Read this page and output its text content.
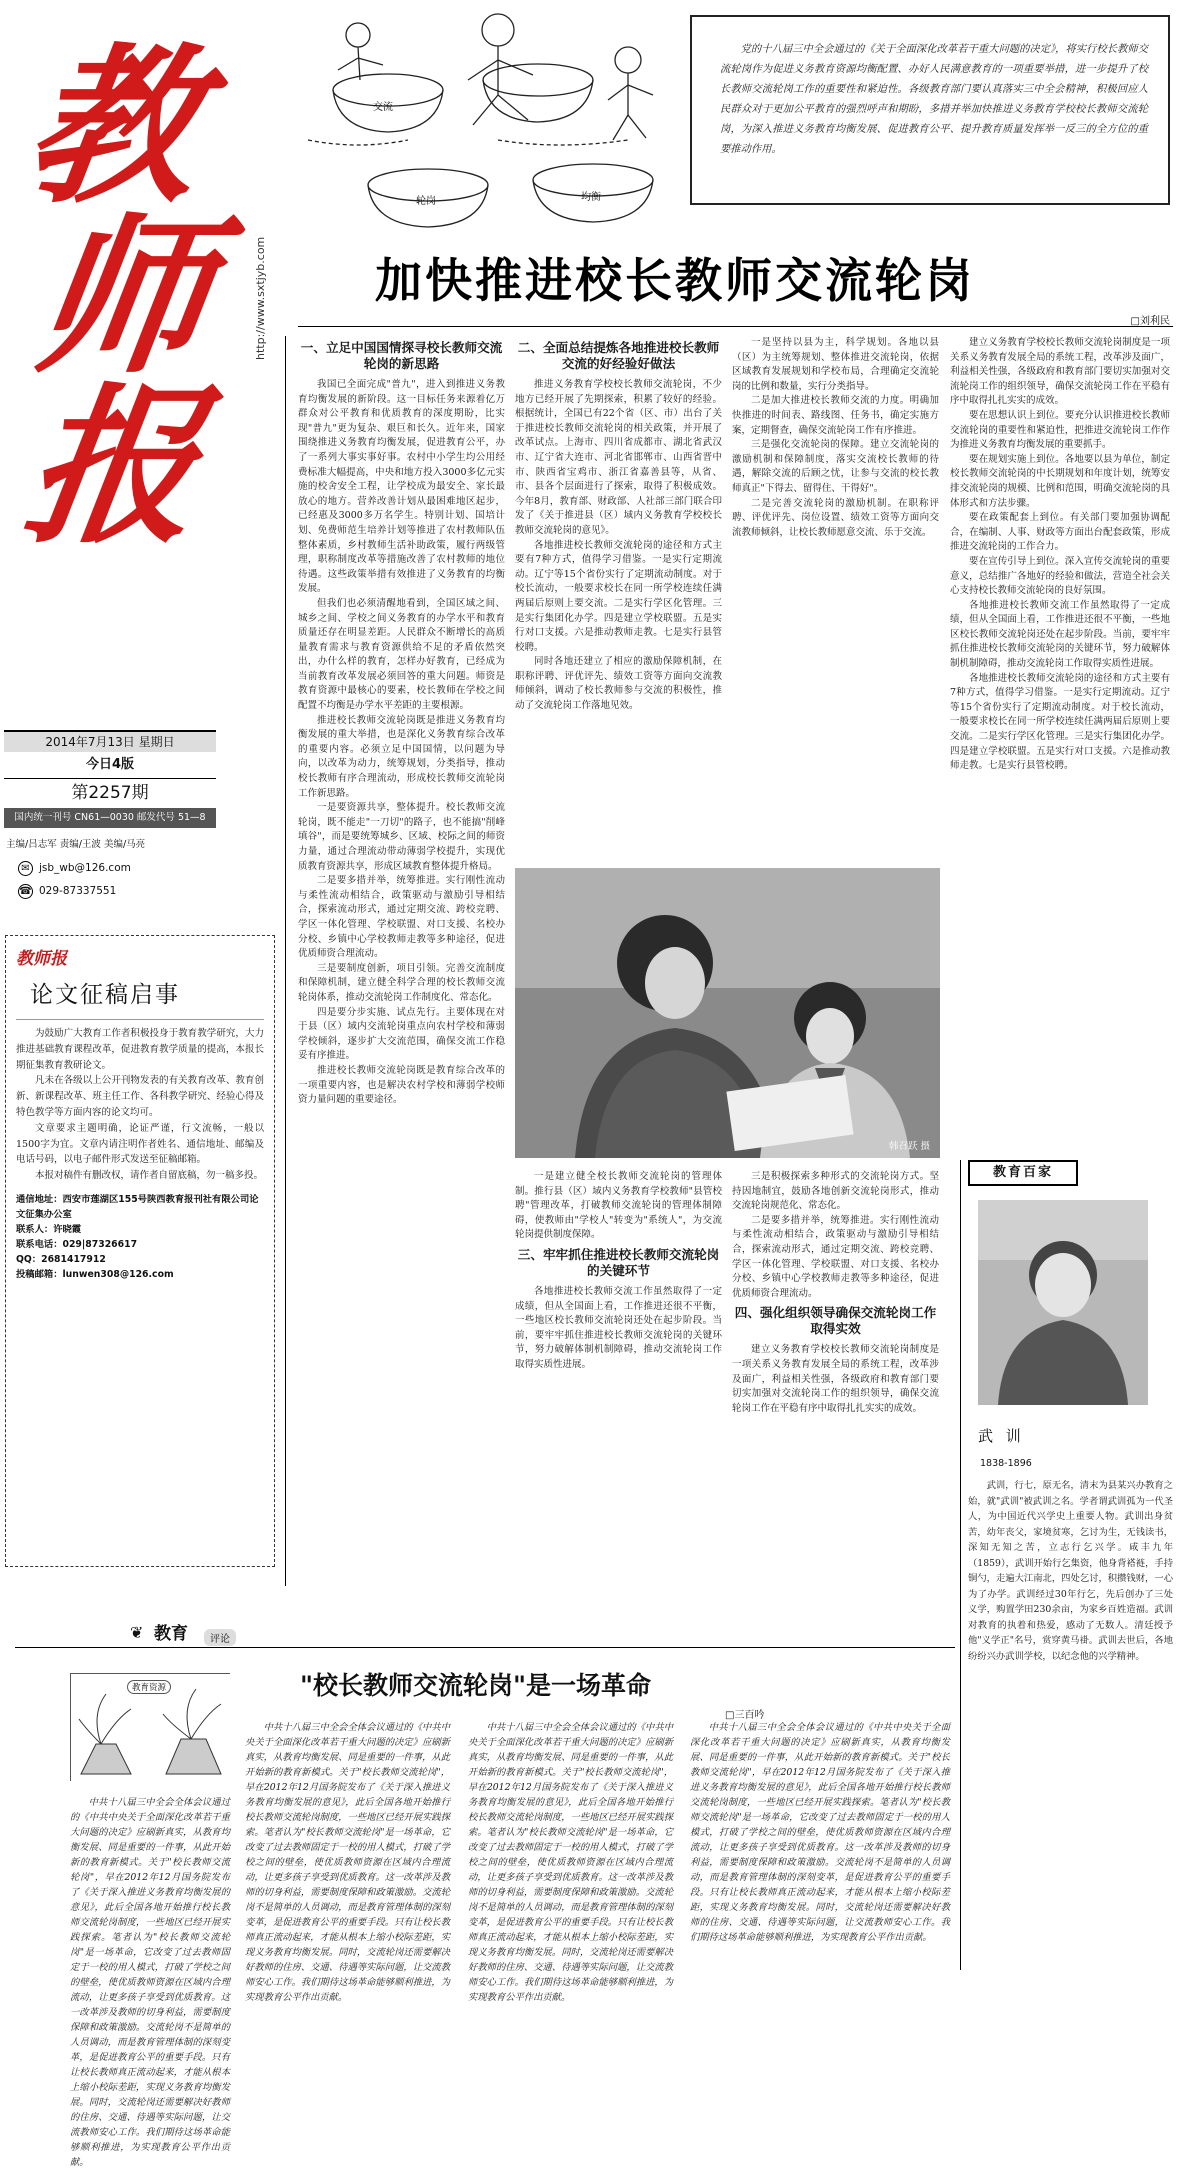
教
师
报
http://www.sxtjyb.com
2014年7月13日 星期日
今日4版
第2257期
国内统一刊号 CN61—0030 邮发代号 51—8
主编/吕志军 责编/王波 美编/马亮
✉ jsb_wb@126.com
☎ 029-87337551
教师报
论文征稿启事

为鼓励广大教育工作者积极投身于教育教学研究，大力推进基础教育课程改革，促进教育教学质量的提高，本报长期征集教育教研论文。

凡未在各级以上公开刊物发表的有关教育改革、教育创新、新课程改革、班主任工作、各科教学研究、经验心得及特色教学等方面内容的论文均可。

文章要求主题明确，论证严谨，行文流畅，一般以1500字为宜。文章内请注明作者姓名、通信地址、邮编及电话号码，以电子邮件形式发送至征稿邮箱。

本报对稿件有删改权，请作者自留底稿，勿一稿多投。

通信地址：西安市莲湖区155号陕西教育报刊社有限公司论文征集办公室
联系人：许晓霞
联系电话：029|87326617
QQ：2681417912
投稿邮箱：lunwen308@126.com
交流
轮岗	均衡
党的十八届三中全会通过的《关于全面深化改革若干重大问题的决定》，将实行校长教师交流轮岗作为促进义务教育资源均衡配置、办好人民满意教育的一项重要举措，进一步提升了校长教师交流轮岗工作的重要性和紧迫性。各级教育部门要认真落实三中全会精神，积极回应人民群众对于更加公平教育的强烈呼声和期盼，多措并举加快推进义务教育学校校长教师交流轮岗，为深入推进义务教育均衡发展、促进教育公平、提升教育质量发挥举一反三的全方位的重要推动作用。
加快推进校长教师交流轮岗
□刘利民
一、立足中国国情探寻校长教师交流轮岗的新思路

我国已全面完成"普九"，进入到推进义务教育均衡发展的新阶段。这一目标任务来源着亿万群众对公平教育和优质教育的深度期盼，比实现"普九"更为复杂、艰巨和长久。近年来，国家围绕推进义务教育均衡发展，促进教育公平，办了一系列大事实事好事。农村中小学生均公用经费标准大幅提高，中央和地方投入3000多亿元实施的校舍安全工程，让学校成为最安全、家长最放心的地方。营养改善计划从最困难地区起步，已经惠及3000多万名学生。特别计划、国培计划、免费师范生培养计划等推进了农村教师队伍整体素质，乡村教师生活补助政策，履行两级管理，职称制度改革等措施改善了农村教师的地位待遇。这些政策举措有效推进了义务教育的均衡发展。

但我们也必须清醒地看到，全国区域之间、城乡之间、学校之间义务教育的办学水平和教育质量还存在明显差距。人民群众不断增长的高质量教育需求与教育资源供给不足的矛盾依然突出，办什么样的教育，怎样办好教育，已经成为当前教育改革发展必须回答的重大问题。师资是教育资源中最核心的要素，校长教师在学校之间配置不均衡是办学水平差距的主要根源。

推进校长教师交流轮岗既是推进义务教育均衡发展的重大举措，也是深化义务教育综合改革的重要内容。必须立足中国国情，以问题为导向，以改革为动力，统筹规划，分类指导，推动校长教师有序合理流动，形成校长教师交流轮岗工作新思路。

一是要资源共享，整体提升。校长教师交流轮岗，既不能走"一刀切"的路子，也不能搞"削峰填谷"，而是要统筹城乡、区域、校际之间的师资力量，通过合理流动带动薄弱学校提升，实现优质教育资源共享，形成区域教育整体提升格局。

二是要多措并举，统筹推进。实行刚性流动与柔性流动相结合，政策驱动与激励引导相结合，探索流动形式，通过定期交流、跨校竞聘、学区一体化管理、学校联盟、对口支援、名校办分校、乡镇中心学校教师走教等多种途径，促进优质师资合理流动。

三是要制度创新，项目引领。完善交流制度和保障机制，建立健全科学合理的校长教师交流轮岗体系，推动交流轮岗工作制度化、常态化。

四是要分步实施、试点先行。主要体现在对于县（区）域内交流轮岗重点向农村学校和薄弱学校倾斜，逐步扩大交流范围，确保交流工作稳妥有序推进。

推进校长教师交流轮岗既是教育综合改革的一项重要内容，也是解决农村学校和薄弱学校师资力量问题的重要途径。

二、全面总结提炼各地推进校长教师交流的好经验好做法

推进义务教育学校校长教师交流轮岗，不少地方已经开展了先期探索，积累了较好的经验。根据统计，全国已有22个省（区、市）出台了关于推进校长教师交流轮岗的相关政策，并开展了改革试点。上海市、四川省成都市、湖北省武汉市、辽宁省大连市、河北省邯郸市、山西省晋中市、陕西省宝鸡市、浙江省嘉善县等，从省、市、县各个层面进行了探索，取得了积极成效。今年8月，教育部、财政部、人社部三部门联合印发了《关于推进县（区）域内义务教育学校校长教师交流轮岗的意见》。

各地推进校长教师交流轮岗的途径和方式主要有7种方式，值得学习借鉴。一是实行定期流动。辽宁等15个省份实行了定期流动制度。对于校长流动，一般要求校长在同一所学校连续任满两届后原则上要交流。二是实行学区化管理。三是实行集团化办学。四是建立学校联盟。五是实行对口支援。六是推动教师走教。七是实行县管校聘。

同时各地还建立了相应的激励保障机制，在职称评聘、评优评先、绩效工资等方面向交流教师倾斜，调动了校长教师参与交流的积极性，推动了交流轮岗工作落地见效。

一是坚持以县为主，科学规划。各地以县（区）为主统筹规划、整体推进交流轮岗，依据区域教育发展规划和学校布局，合理确定交流轮岗的比例和数量，实行分类指导。

二是加大推进校长教师交流的力度。明确加快推进的时间表、路线图、任务书，确定实施方案，定期督查，确保交流轮岗工作有序推进。

三是强化交流轮岗的保障。建立交流轮岗的激励机制和保障制度，落实交流校长教师的待遇，解除交流的后顾之忧，让参与交流的校长教师真正"下得去、留得住、干得好"。

二是完善交流轮岗的激励机制。在职称评聘、评优评先、岗位设置、绩效工资等方面向交流教师倾斜，让校长教师愿意交流、乐于交流。

建立义务教育学校校长教师交流轮岗制度是一项关系义务教育发展全局的系统工程，改革涉及面广，利益相关性强，各级政府和教育部门要切实加强对交流轮岗工作的组织领导，确保交流轮岗工作在平稳有序中取得扎扎实实的成效。

要在思想认识上到位。要充分认识推进校长教师交流轮岗的重要性和紧迫性，把推进交流轮岗工作作为推进义务教育均衡发展的重要抓手。

要在规划实施上到位。各地要以县为单位，制定校长教师交流轮岗的中长期规划和年度计划，统筹安排交流轮岗的规模、比例和范围，明确交流轮岗的具体形式和方法步骤。

要在政策配套上到位。有关部门要加强协调配合，在编制、人事、财政等方面出台配套政策，形成推进交流轮岗的工作合力。

要在宣传引导上到位。深入宣传交流轮岗的重要意义，总结推广各地好的经验和做法，营造全社会关心支持校长教师交流轮岗的良好氛围。

各地推进校长教师交流工作虽然取得了一定成绩，但从全国面上看，工作推进还很不平衡，一些地区校长教师交流轮岗还处在起步阶段。当前，要牢牢抓住推进校长教师交流轮岗的关键环节，努力破解体制机制障碍，推动交流轮岗工作取得实质性进展。

各地推进校长教师交流轮岗的途径和方式主要有7种方式，值得学习借鉴。一是实行定期流动。辽宁等15个省份实行了定期流动制度。对于校长流动，一般要求校长在同一所学校连续任满两届后原则上要交流。二是实行学区化管理。三是实行集团化办学。四是建立学校联盟。五是实行对口支援。六是推动教师走教。七是实行县管校聘。

韩召跃 摄

一是建立健全校长教师交流轮岗的管理体制。推行县（区）域内义务教育学校教师"县管校聘"管理改革，打破教师交流轮岗的管理体制障碍，使教师由"学校人"转变为"系统人"，为交流轮岗提供制度保障。

三、牢牢抓住推进校长教师交流轮岗的关键环节

各地推进校长教师交流工作虽然取得了一定成绩，但从全国面上看，工作推进还很不平衡，一些地区校长教师交流轮岗还处在起步阶段。当前，要牢牢抓住推进校长教师交流轮岗的关键环节，努力破解体制机制障碍，推动交流轮岗工作取得实质性进展。

三是积极探索多种形式的交流轮岗方式。坚持因地制宜，鼓励各地创新交流轮岗形式，推动交流轮岗规范化、常态化。

二是要多措并举，统筹推进。实行刚性流动与柔性流动相结合，政策驱动与激励引导相结合，探索流动形式，通过定期交流、跨校竞聘、学区一体化管理、学校联盟、对口支援、名校办分校、乡镇中心学校教师走教等多种途径，促进优质师资合理流动。

四、强化组织领导确保交流轮岗工作取得实效

建立义务教育学校校长教师交流轮岗制度是一项关系义务教育发展全局的系统工程，改革涉及面广，利益相关性强，各级政府和教育部门要切实加强对交流轮岗工作的组织领导，确保交流轮岗工作在平稳有序中取得扎扎实实的成效。

教育百家
武 训
1838-1896

武训，行七，原无名，清末为县某兴办教育之始，就"武训"被武训之名。学者谓武训孤为一代圣人，为中国近代兴学史上重要人物。武训出身贫苦，幼年丧父，家境贫寒，乞讨为生，无钱读书，深知无知之苦，立志行乞兴学。咸丰九年（1859），武训开始行乞集资，他身背褡裢，手持铜勺，走遍大江南北，四处乞讨，积攒钱财，一心为了办学。武训经过30年行乞，先后创办了三处义学，购置学田230余亩，为家乡百姓造福。武训对教育的执着和热爱，感动了无数人。清廷授予他"义学正"名号，赏穿黄马褂。武训去世后，各地纷纷兴办武训学校，以纪念他的兴学精神。

❦ 教育	评论
教育资源	"校长教师交流轮岗"是一场革命
□三百吟

中共十八届三中全会全体会议通过的《中共中央关于全面深化改革若干重大问题的决定》应刷新真实，从教育均衡发展、同是重要的一件事，从此开始新的教育新模式。关于"校长教师交流轮岗"，早在2012年12月国务院发布了《关于深入推进义务教育均衡发展的意见》，此后全国各地开始推行校长教师交流轮岗制度，一些地区已经开展实践探索。笔者认为"校长教师交流轮岗"是一场革命，它改变了过去教师固定于一校的用人模式，打破了学校之间的壁垒，使优质教师资源在区域内合理流动，让更多孩子享受到优质教育。这一改革涉及教师的切身利益，需要制度保障和政策激励。交流轮岗不是简单的人员调动，而是教育管理体制的深刻变革，是促进教育公平的重要手段。只有让校长教师真正流动起来，才能从根本上缩小校际差距，实现义务教育均衡发展。同时，交流轮岗还需要解决好教师的住房、交通、待遇等实际问题，让交流教师安心工作。我们期待这场革命能够顺利推进，为实现教育公平作出贡献。

中共十八届三中全会全体会议通过的《中共中央关于全面深化改革若干重大问题的决定》应刷新真实，从教育均衡发展、同是重要的一件事，从此开始新的教育新模式。关于"校长教师交流轮岗"，早在2012年12月国务院发布了《关于深入推进义务教育均衡发展的意见》，此后全国各地开始推行校长教师交流轮岗制度，一些地区已经开展实践探索。笔者认为"校长教师交流轮岗"是一场革命，它改变了过去教师固定于一校的用人模式，打破了学校之间的壁垒，使优质教师资源在区域内合理流动，让更多孩子享受到优质教育。这一改革涉及教师的切身利益，需要制度保障和政策激励。交流轮岗不是简单的人员调动，而是教育管理体制的深刻变革，是促进教育公平的重要手段。只有让校长教师真正流动起来，才能从根本上缩小校际差距，实现义务教育均衡发展。同时，交流轮岗还需要解决好教师的住房、交通、待遇等实际问题，让交流教师安心工作。我们期待这场革命能够顺利推进，为实现教育公平作出贡献。

中共十八届三中全会全体会议通过的《中共中央关于全面深化改革若干重大问题的决定》应刷新真实，从教育均衡发展、同是重要的一件事，从此开始新的教育新模式。关于"校长教师交流轮岗"，早在2012年12月国务院发布了《关于深入推进义务教育均衡发展的意见》，此后全国各地开始推行校长教师交流轮岗制度，一些地区已经开展实践探索。笔者认为"校长教师交流轮岗"是一场革命，它改变了过去教师固定于一校的用人模式，打破了学校之间的壁垒，使优质教师资源在区域内合理流动，让更多孩子享受到优质教育。这一改革涉及教师的切身利益，需要制度保障和政策激励。交流轮岗不是简单的人员调动，而是教育管理体制的深刻变革，是促进教育公平的重要手段。只有让校长教师真正流动起来，才能从根本上缩小校际差距，实现义务教育均衡发展。同时，交流轮岗还需要解决好教师的住房、交通、待遇等实际问题，让交流教师安心工作。我们期待这场革命能够顺利推进，为实现教育公平作出贡献。

中共十八届三中全会全体会议通过的《中共中央关于全面深化改革若干重大问题的决定》应刷新真实，从教育均衡发展、同是重要的一件事，从此开始新的教育新模式。关于"校长教师交流轮岗"，早在2012年12月国务院发布了《关于深入推进义务教育均衡发展的意见》，此后全国各地开始推行校长教师交流轮岗制度，一些地区已经开展实践探索。笔者认为"校长教师交流轮岗"是一场革命，它改变了过去教师固定于一校的用人模式，打破了学校之间的壁垒，使优质教师资源在区域内合理流动，让更多孩子享受到优质教育。这一改革涉及教师的切身利益，需要制度保障和政策激励。交流轮岗不是简单的人员调动，而是教育管理体制的深刻变革，是促进教育公平的重要手段。只有让校长教师真正流动起来，才能从根本上缩小校际差距，实现义务教育均衡发展。同时，交流轮岗还需要解决好教师的住房、交通、待遇等实际问题，让交流教师安心工作。我们期待这场革命能够顺利推进，为实现教育公平作出贡献。
